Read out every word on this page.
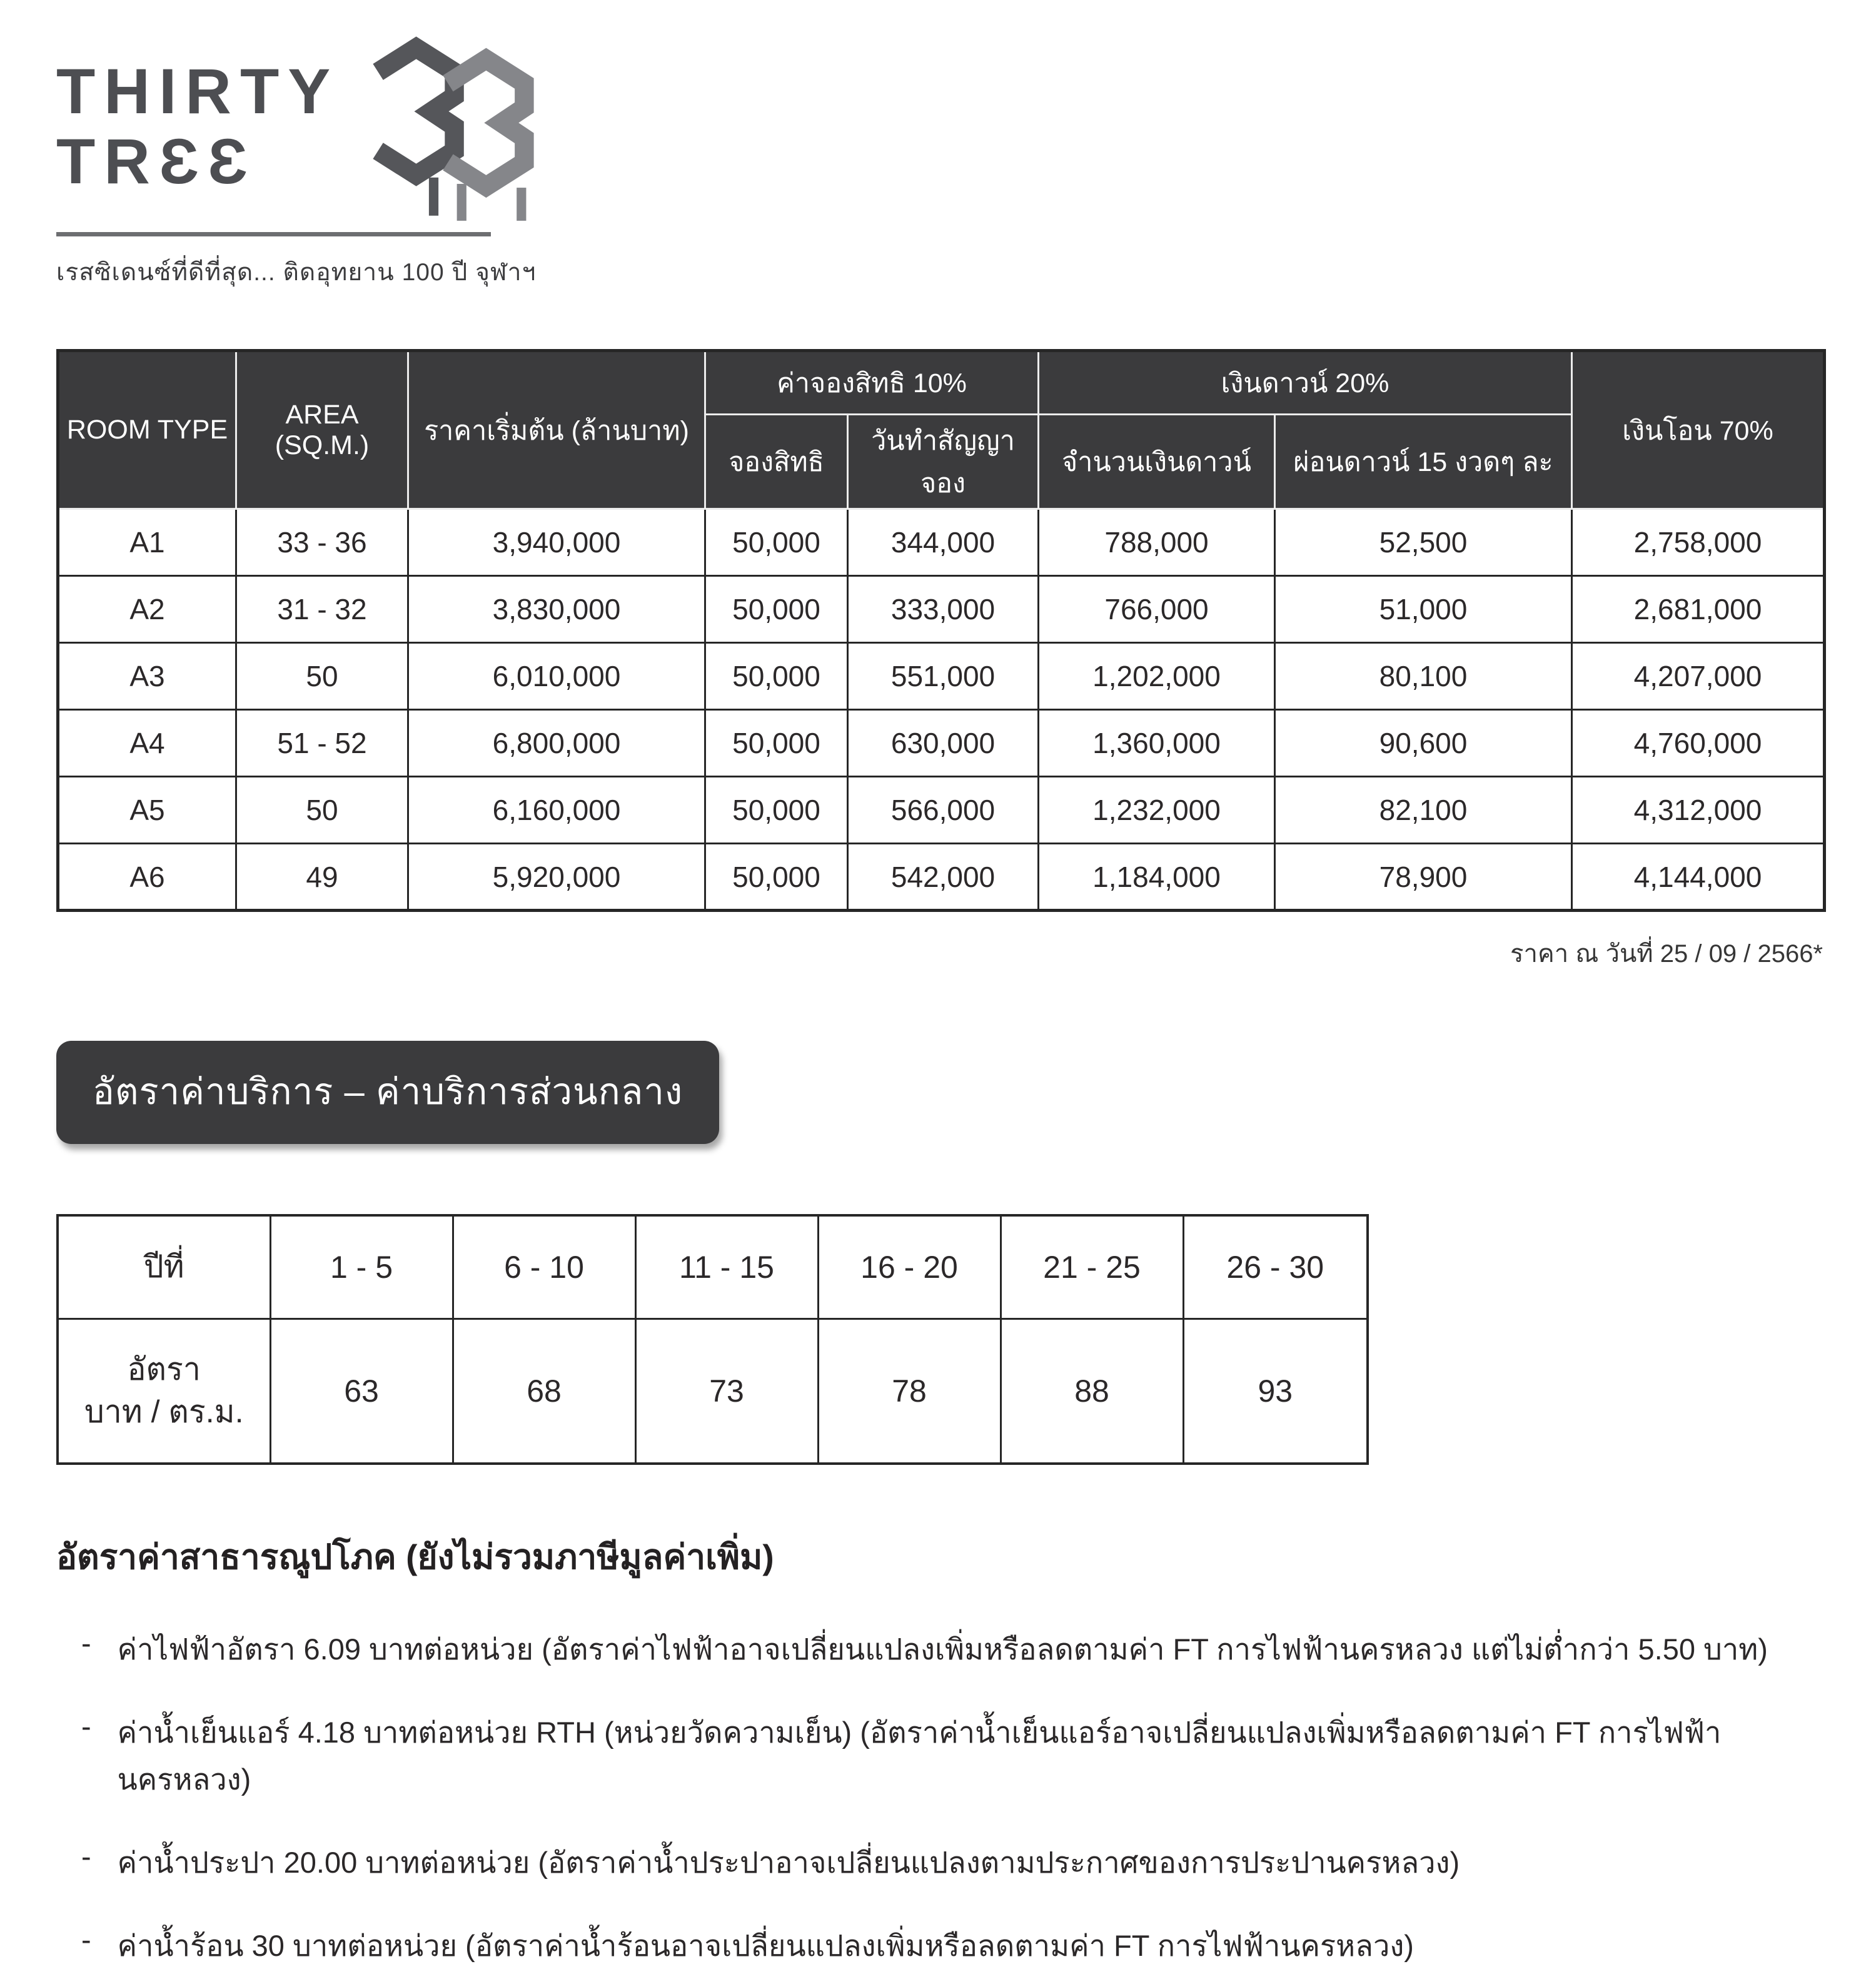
THIRTY
TRƐƐ
เรสซิเดนซ์ที่ดีที่สุด... ติดอุทยาน 100 ปี จุฬาฯ
ROOM TYPE	AREA (SQ.M.)	ราคาเริ่มต้น (ล้านบาท)	ค่าจองสิทธิ 10%		เงินดาวน์ 20%		เงินโอน 70%
			จองสิทธิ	วันทำสัญญาจอง	จำนวนเงินดาวน์	ผ่อนดาวน์ 15 งวดๆ ละ	
A1	33 - 36	3,940,000	50,000	344,000	788,000	52,500	2,758,000
A2	31 - 32	3,830,000	50,000	333,000	766,000	51,000	2,681,000
A3	50	6,010,000	50,000	551,000	1,202,000	80,100	4,207,000
A4	51 - 52	6,800,000	50,000	630,000	1,360,000	90,600	4,760,000
A5	50	6,160,000	50,000	566,000	1,232,000	82,100	4,312,000
A6	49	5,920,000	50,000	542,000	1,184,000	78,900	4,144,000
ราคา ณ วันที่ 25 / 09 / 2566*
อัตราค่าบริการ – ค่าบริการส่วนกลาง
ปีที่	1 - 5	6 - 10	11 - 15	16 - 20	21 - 25	26 - 30

อัตรา
บาท / ตร.ม.	63	68	73	78	88	93
อัตราค่าสาธารณูปโภค (ยังไม่รวมภาษีมูลค่าเพิ่ม)
- ค่าไฟฟ้าอัตรา 6.09 บาทต่อหน่วย (อัตราค่าไฟฟ้าอาจเปลี่ยนแปลงเพิ่มหรือลดตามค่า FT การไฟฟ้านครหลวง แต่ไม่ต่ำกว่า 5.50 บาท)
- ค่าน้ำเย็นแอร์ 4.18 บาทต่อหน่วย RTH (หน่วยวัดความเย็น) (อัตราค่าน้ำเย็นแอร์อาจเปลี่ยนแปลงเพิ่มหรือลดตามค่า FT การไฟฟ้านครหลวง)
- ค่าน้ำประปา 20.00 บาทต่อหน่วย (อัตราค่าน้ำประปาอาจเปลี่ยนแปลงตามประกาศของการประปานครหลวง)
- ค่าน้ำร้อน 30 บาทต่อหน่วย (อัตราค่าน้ำร้อนอาจเปลี่ยนแปลงเพิ่มหรือลดตามค่า FT การไฟฟ้านครหลวง)
